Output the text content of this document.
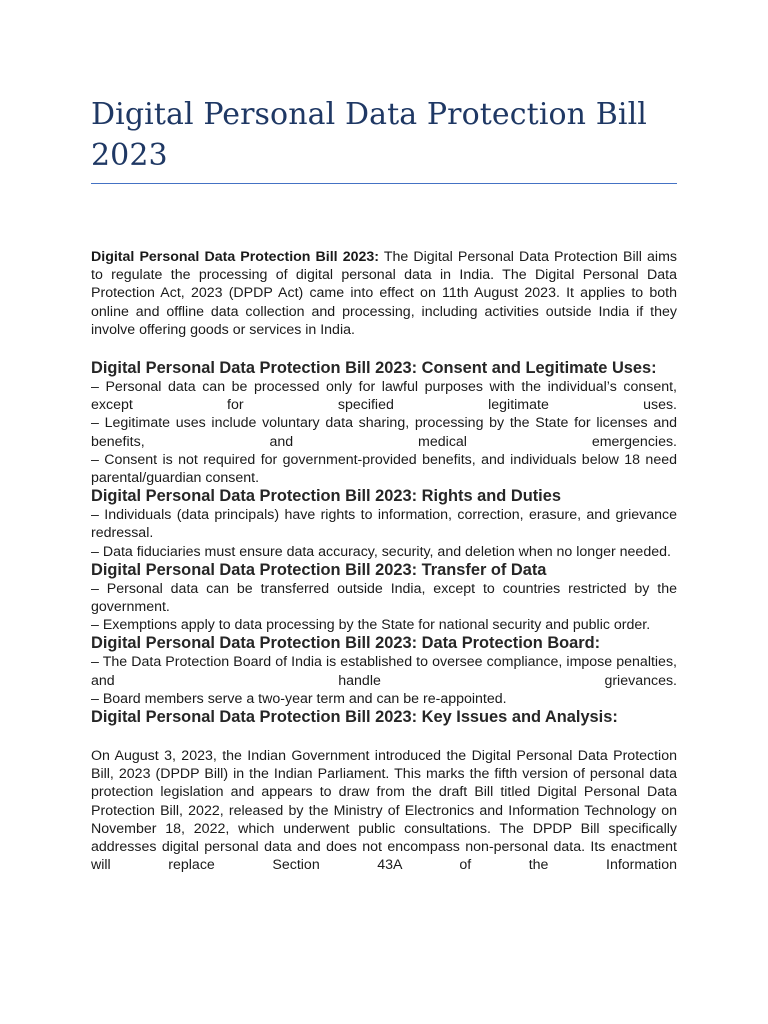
Digital Personal Data Protection Bill 2023

Digital Personal Data Protection Bill 2023: The Digital Personal Data Protection Bill aims to regulate the processing of digital personal data in India. The Digital Personal Data Protection Act, 2023 (DPDP Act) came into effect on 11th August 2023. It applies to both online and offline data collection and processing, including activities outside India if they involve offering goods or services in India.

Digital Personal Data Protection Bill 2023: Consent and Legitimate Uses:

– Personal data can be processed only for lawful purposes with the individual’s consent, except for specified legitimate uses.

– Legitimate uses include voluntary data sharing, processing by the State for licenses and benefits, and medical emergencies.

– Consent is not required for government-provided benefits, and individuals below 18 need parental/guardian consent.

Digital Personal Data Protection Bill 2023: Rights and Duties

– Individuals (data principals) have rights to information, correction, erasure, and grievance redressal.

– Data fiduciaries must ensure data accuracy, security, and deletion when no longer needed.

Digital Personal Data Protection Bill 2023: Transfer of Data

– Personal data can be transferred outside India, except to countries restricted by the government.

– Exemptions apply to data processing by the State for national security and public order.

Digital Personal Data Protection Bill 2023: Data Protection Board:

– The Data Protection Board of India is established to oversee compliance, impose penalties, and handle grievances.

– Board members serve a two-year term and can be re-appointed.

Digital Personal Data Protection Bill 2023: Key Issues and Analysis:

On August 3, 2023, the Indian Government introduced the Digital Personal Data Protection Bill, 2023 (DPDP Bill) in the Indian Parliament. This marks the fifth version of personal data protection legislation and appears to draw from the draft Bill titled Digital Personal Data Protection Bill, 2022, released by the Ministry of Electronics and Information Technology on November 18, 2022, which underwent public consultations. The DPDP Bill specifically addresses digital personal data and does not encompass non-personal data. Its enactment will replace Section 43A of the Information
